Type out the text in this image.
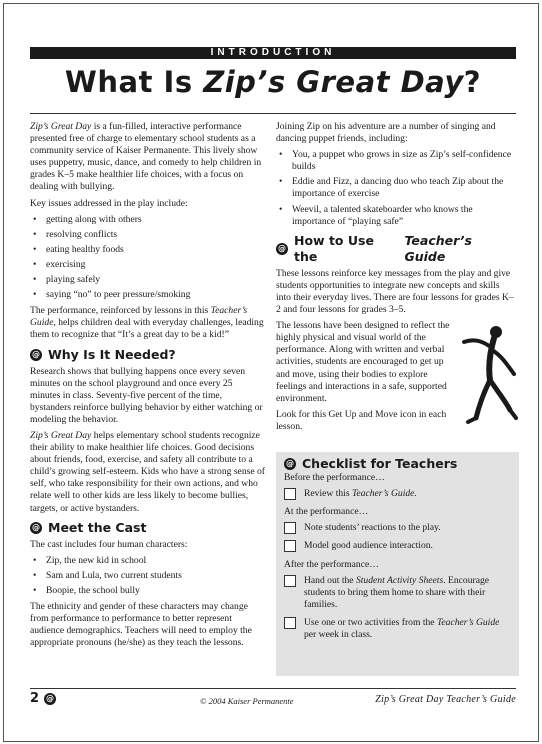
INTRODUCTION
What Is Zip’s Great Day?

Zip’s Great Day is a fun-filled, interactive performance presented free of charge to elementary school students as a community service of Kaiser Permanente. This lively show uses puppetry, music, dance, and comedy to help children in grades K–5 make healthier life choices, with a focus on dealing with bullying.

Key issues addressed in the play include:

• getting along with others
• resolving conflicts
• eating healthy foods
• exercising
• playing safely
• saying “no” to peer pressure/smoking

The performance, reinforced by lessons in this Teacher’s Guide, helps children deal with everyday challenges, leading them to recognize that “It’s a great day to be a kid!”

@ Why Is It Needed?

Research shows that bullying happens once every seven minutes on the school playground and once every 25 minutes in class. Seventy-five percent of the time, bystanders reinforce bullying behavior by either watching or modeling the behavior.

Zip’s Great Day helps elementary school students recognize their ability to make healthier life choices. Good decisions about friends, food, exercise, and safety all contribute to a child’s growing self-esteem. Kids who have a strong sense of self, who take responsibility for their own actions, and who relate well to other kids are less likely to become bullies, targets, or active bystanders.

@ Meet the Cast

The cast includes four human characters:

• Zip, the new kid in school
• Sam and Lula, two current students
• Boopie, the school bully

The ethnicity and gender of these characters may change from performance to performance to better represent audience demographics. Teachers will need to employ the appropriate pronouns (he/she) as they teach the lessons.

Joining Zip on his adventure are a number of singing and dancing puppet friends, including:

• You, a puppet who grows in size as Zip’s self-confidence builds
• Eddie and Fizz, a dancing duo who teach Zip about the importance of exercise
• Weevil, a talented skateboarder who knows the importance of “playing safe”
@
How to Use the
Teacher’s Guide

These lessons reinforce key messages from the play and give students opportunities to integrate new concepts and skills into their everyday lives. There are four lessons for grades K–2 and four lessons for grades 3–5.

The lessons have been designed to reflect the highly physical and visual world of the performance. Along with written and verbal activities, students are encouraged to get up and move, using their bodies to explore feelings and interactions in a safe, supported environment.

Look for this Get Up and Move icon in each lesson.

@ Checklist for Teachers
Before the performance…
Review this Teacher’s Guide.
At the performance…
Note students’ reactions to the play.
Model good audience interaction.
After the performance…
Hand out the Student Activity Sheets. Encourage students to bring them home to share with their families.
Use one or two activities from the Teacher’s Guide per week in class.
2 @	© 2004 Kaiser Permanente	Zip’s Great Day Teacher’s Guide
